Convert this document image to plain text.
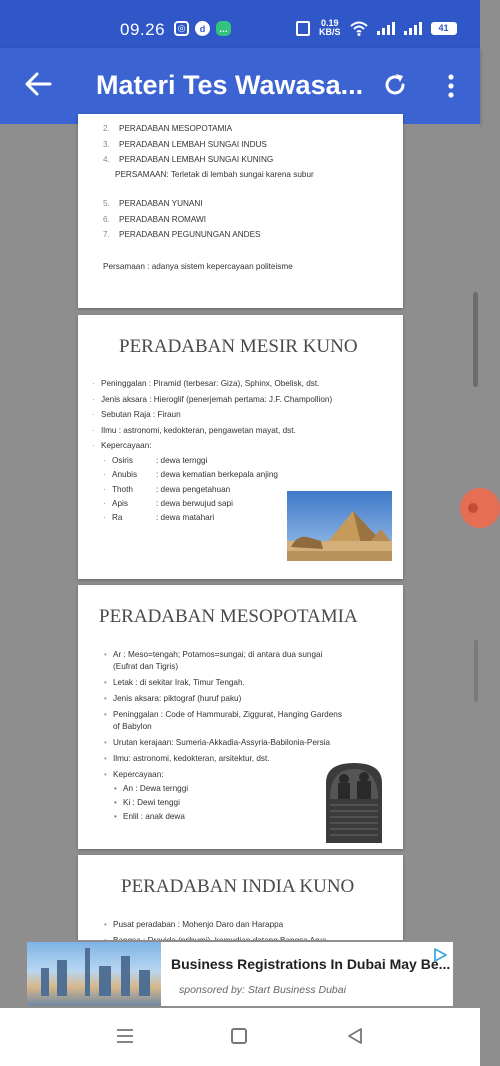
09.26	◎	d	…
0.19
KB/S	41
Materi Tes Wawasa...
2. PERADABAN MESOPOTAMIA
3. PERADABAN LEMBAH SUNGAI INDUS
4. PERADABAN LEMBAH SUNGAI KUNING
PERSAMAAN: Terletak di lembah sungai karena subur
5. PERADABAN YUNANI
6. PERADABAN ROMAWI
7. PERADABAN PEGUNUNGAN ANDES
Persamaan : adanya sistem kepercayaan politeisme
PERADABAN MESIR KUNO
· Peninggalan : Piramid (terbesar: Giza), Sphinx, Obelisk, dst.
· Jenis aksara : Hieroglif (penerjemah pertama: J.F. Champollion)
· Sebutan Raja : Firaun
· Ilmu : astronomi, kedokteran, pengawetan mayat, dst.
· Kepercayaan:
· Osiris	: dewa ternggi
· Anubis : dewa kematian berkepala anjing
· Thoth	: dewa pengetahuan
· Apis	: dewa berwujud sapi
· Ra	: dewa matahari
PERADABAN MESOPOTAMIA
• Ar : Meso=tengah; Potamos=sungai; di antara dua sungai
(Eufrat dan Tigris)
• Letak : di sekitar Irak, Timur Tengah.
• Jenis aksara: piktograf (huruf paku)
• Peninggalan : Code of Hammurabi, Ziggurat, Hanging Gardens
of Babylon
• Urutan kerajaan: Sumeria-Akkadia-Assyria-Babilonia-Persia
• Ilmu: astronomi, kedokteran, arsitektur, dst.
• Kepercayaan:
• An : Dewa ternggi
• Ki : Dewi tenggi
• Enlil : anak dewa
PERADABAN INDIA KUNO
• Pusat peradaban : Mohenjo Daro dan Harappa
Business Registrations In Dubai May Be...
sponsored by: Start Business Dubai
